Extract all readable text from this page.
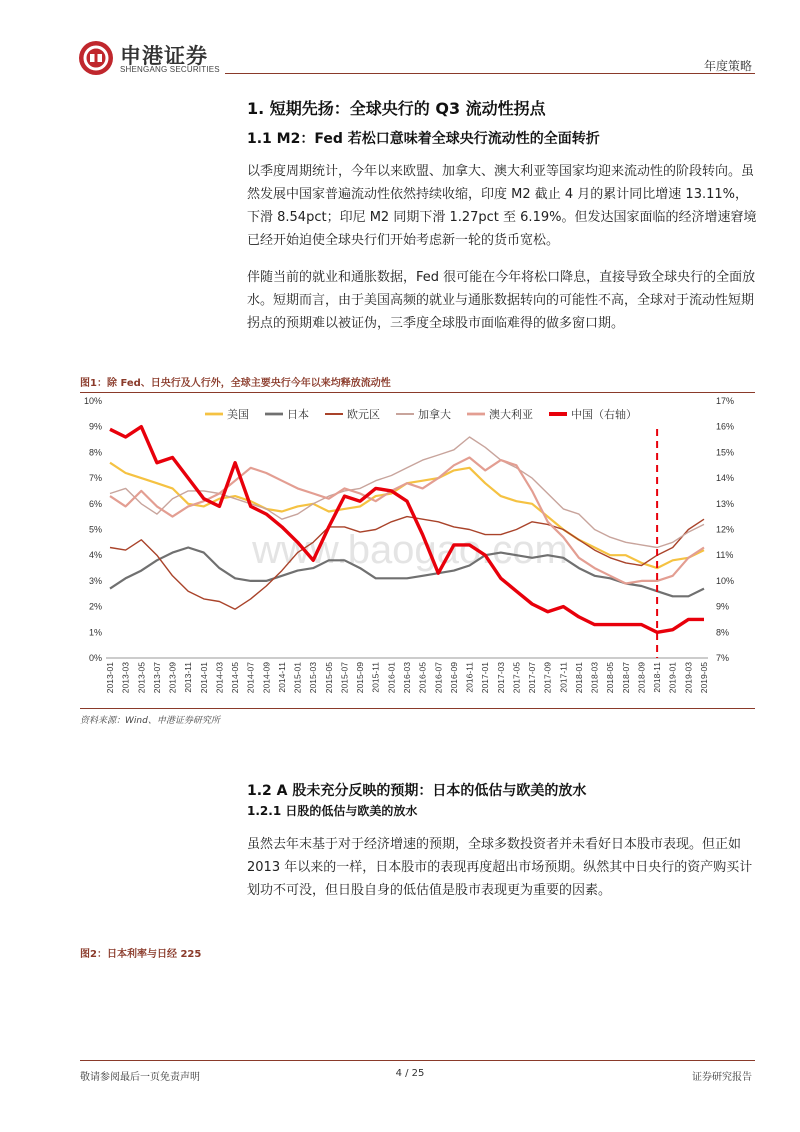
申港证券
SHENGANG SECURITIES	年度策略
1. 短期先扬：全球央行的 Q3 流动性拐点
1.1 M2：Fed 若松口意味着全球央行流动性的全面转折

以季度周期统计，今年以来欧盟、加拿大、澳大利亚等国家均迎来流动性的阶段转向。虽然发展中国家普遍流动性依然持续收缩，印度 M2 截止 4 月的累计同比增速 13.11%，下滑 8.54pct；印尼 M2 同期下滑 1.27pct 至 6.19%。但发达国家面临的经济增速窘境已经开始迫使全球央行们开始考虑新一轮的货币宽松。

伴随当前的就业和通胀数据，Fed 很可能在今年将松口降息，直接导致全球央行的全面放水。短期而言，由于美国高频的就业与通胀数据转向的可能性不高，全球对于流动性短期拐点的预期难以被证伪，三季度全球股市面临难得的做多窗口期。

图1：除 Fed、日央行及人行外，全球主要央行今年以来均释放流动性
www.baogao.com
0%
1%
2%
3%
4%
5%
6%
7%
8%
9%
10%
7%
8%
9%
10%
11%
12%
13%
14%
15%
16%
17%
2013-01 2013-03 2013-05 2013-07 2013-09 2013-11 2014-01 2014-03 2014-05 2014-07 2014-09 2014-11 2015-01 2015-03 2015-05 2015-07 2015-09 2015-11 2016-01 2016-03 2016-05 2016-07 2016-09 2016-11 2017-01 2017-03 2017-05 2017-07 2017-09 2017-11 2018-01 2018-03 2018-05 2018-07 2018-09 2018-11 2019-01 2019-03 2019-05
美国	日本	欧元区	加拿大	澳大利亚	中国（右轴）
资料来源：Wind、申港证券研究所
1.2 A 股未充分反映的预期：日本的低估与欧美的放水
1.2.1 日股的低估与欧美的放水

虽然去年末基于对于经济增速的预期，全球多数投资者并未看好日本股市表现。但正如 2013 年以来的一样，日本股市的表现再度超出市场预期。纵然其中日央行的资产购买计划功不可没，但日股自身的低估值是股市表现更为重要的因素。

图2：日本利率与日经 225
敬请参阅最后一页免责声明	4 / 25	证券研究报告
